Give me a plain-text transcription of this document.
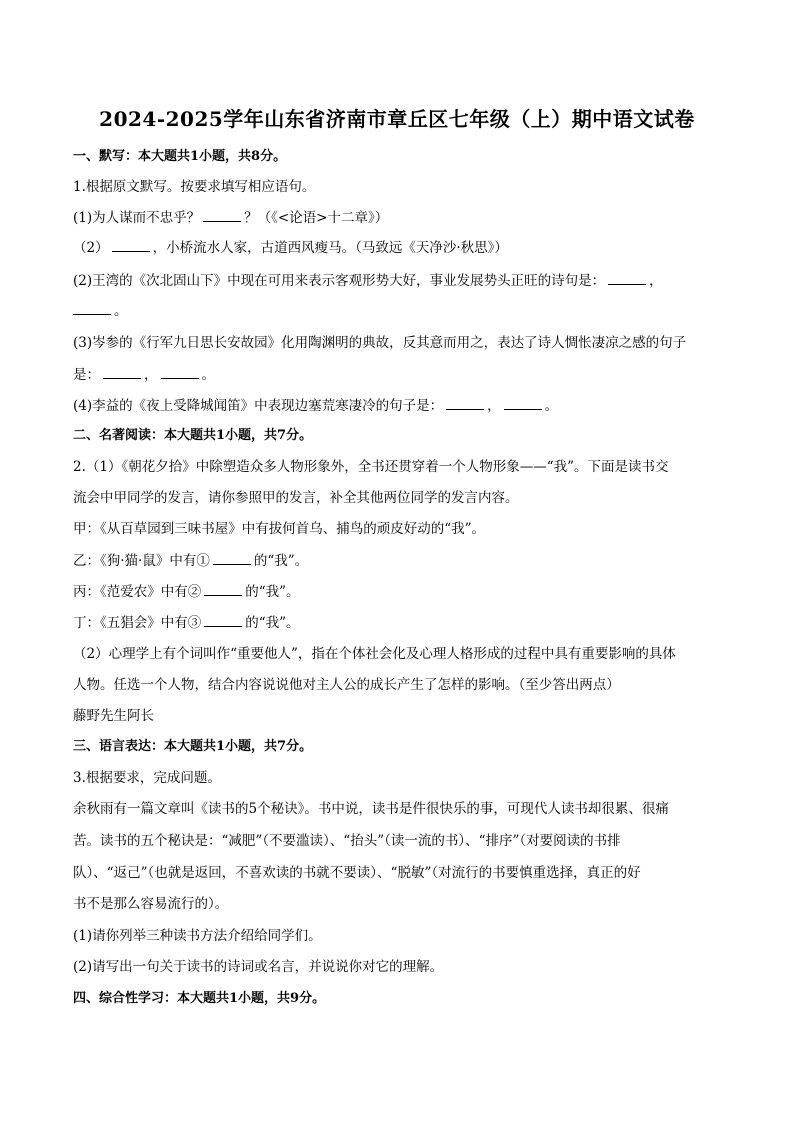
2024-2025学年山东省济南市章丘区七年级（上）期中语文试卷
一、默写：本大题共1小题，共8分。
1.根据原文默写。按要求填写相应语句。
(1)为人谋而不忠乎？	？（《<论语>十二章》）
（2）	，小桥流水人家，古道西风瘦马。（马致远《天净沙·秋思》）
(2)王湾的《次北固山下》中现在可用来表示客观形势大好，事业发展势头正旺的诗句是：	，
。
(3)岑参的《行军九日思长安故园》化用陶渊明的典故，反其意而用之，表达了诗人惆怅凄凉之感的句子
是：	，	。
(4)李益的《夜上受降城闻笛》中表现边塞荒寒凄冷的句子是：	，	。
二、名著阅读：本大题共1小题，共7分。
2.（1）《朝花夕拾》中除塑造众多人物形象外，全书还贯穿着一个人物形象——“我”。下面是读书交
流会中甲同学的发言，请你参照甲的发言，补全其他两位同学的发言内容。
甲：《从百草园到三味书屋》中有拔何首乌、捕鸟的顽皮好动的“我”。
乙：《狗·猫·鼠》中有①	的“我”。
丙：《范爱农》中有②	的“我”。
丁：《五猖会》中有③	的“我”。
（2）心理学上有个词叫作“重要他人”，指在个体社会化及心理人格形成的过程中具有重要影响的具体
人物。任选一个人物，结合内容说说他对主人公的成长产生了怎样的影响。（至少答出两点）
藤野先生阿长
三、语言表达：本大题共1小题，共7分。
3.根据要求，完成问题。
余秋雨有一篇文章叫《读书的5个秘诀》。书中说，读书是件很快乐的事，可现代人读书却很累、很痛
苦。读书的五个秘诀是：“减肥”（不要滥读）、“抬头”（读一流的书）、“排序”（对要阅读的书排
队）、“返己”（也就是返回，不喜欢读的书就不要读）、“脱敏”（对流行的书要慎重选择，真正的好
书不是那么容易流行的）。
(1)请你列举三种读书方法介绍给同学们。
(2)请写出一句关于读书的诗词或名言，并说说你对它的理解。
四、综合性学习：本大题共1小题，共9分。
